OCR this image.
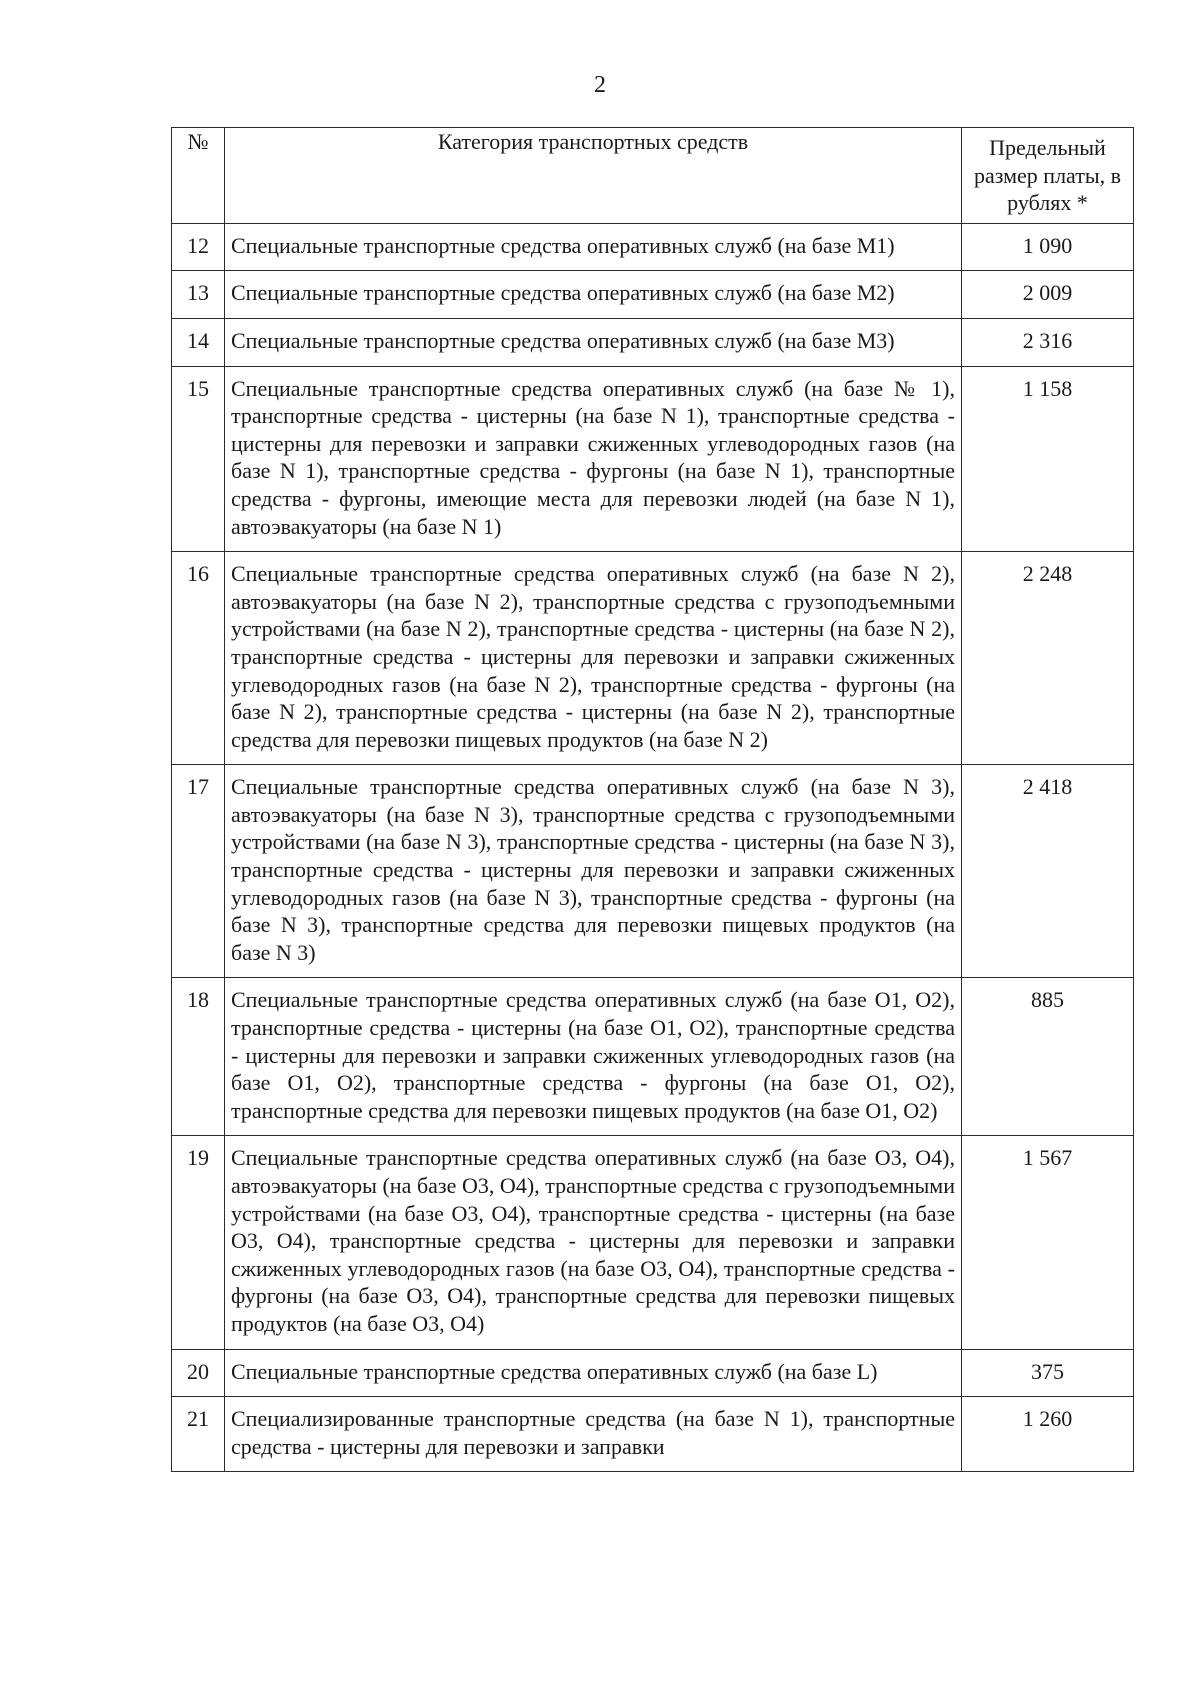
2
№	Категория транспортных средств	Предельный размер платы, в рублях *
12	Специальные транспортные средства оперативных служб (на базе M1)	1 090
13	Специальные транспортные средства оперативных служб (на базе M2)	2 009
14	Специальные транспортные средства оперативных служб (на базе M3)	2 316
15	Специальные транспортные средства оперативных служб (на базе № 1), транспортные средства - цистерны (на базе N 1), транспортные средства - цистерны для перевозки и заправки сжиженных углеводородных газов (на базе N 1), транспортные средства - фургоны (на базе N 1), транспортные средства - фургоны, имеющие места для перевозки людей (на базе N 1), автоэвакуаторы (на базе N 1)	1 158
16	Специальные транспортные средства оперативных служб (на базе N 2), автоэвакуаторы (на базе N 2), транспортные средства с грузоподъемными устройствами (на базе N 2), транспортные средства - цистерны (на базе N 2), транспортные средства - цистерны для перевозки и заправки сжиженных углеводородных газов (на базе N 2), транспортные средства - фургоны (на базе N 2), транспортные средства - цистерны (на базе N 2), транспортные средства для перевозки пищевых продуктов (на базе N 2)	2 248
17	Специальные транспортные средства оперативных служб (на базе N 3), автоэвакуаторы (на базе N 3), транспортные средства с грузоподъемными устройствами (на базе N 3), транспортные средства - цистерны (на базе N 3), транспортные средства - цистерны для перевозки и заправки сжиженных углеводородных газов (на базе N 3), транспортные средства - фургоны (на базе N 3), транспортные средства для перевозки пищевых продуктов (на базе N 3)	2 418
18	Специальные транспортные средства оперативных служб (на базе O1, O2), транспортные средства - цистерны (на базе O1, O2), транспортные средства - цистерны для перевозки и заправки сжиженных углеводородных газов (на базе O1, O2), транспортные средства - фургоны (на базе O1, O2), транспортные средства для перевозки пищевых продуктов (на базе O1, O2)	885
19	Специальные транспортные средства оперативных служб (на базе O3, O4), автоэвакуаторы (на базе O3, O4), транспортные средства с грузоподъемными устройствами (на базе O3, O4), транспортные средства - цистерны (на базе O3, O4), транспортные средства - цистерны для перевозки и заправки сжиженных углеводородных газов (на базе O3, O4), транспортные средства - фургоны (на базе O3, O4), транспортные средства для перевозки пищевых продуктов (на базе O3, O4)	1 567
20	Специальные транспортные средства оперативных служб (на базе L)	375
21	Специализированные транспортные средства (на базе N 1), транспортные средства - цистерны для перевозки и заправки	1 260
